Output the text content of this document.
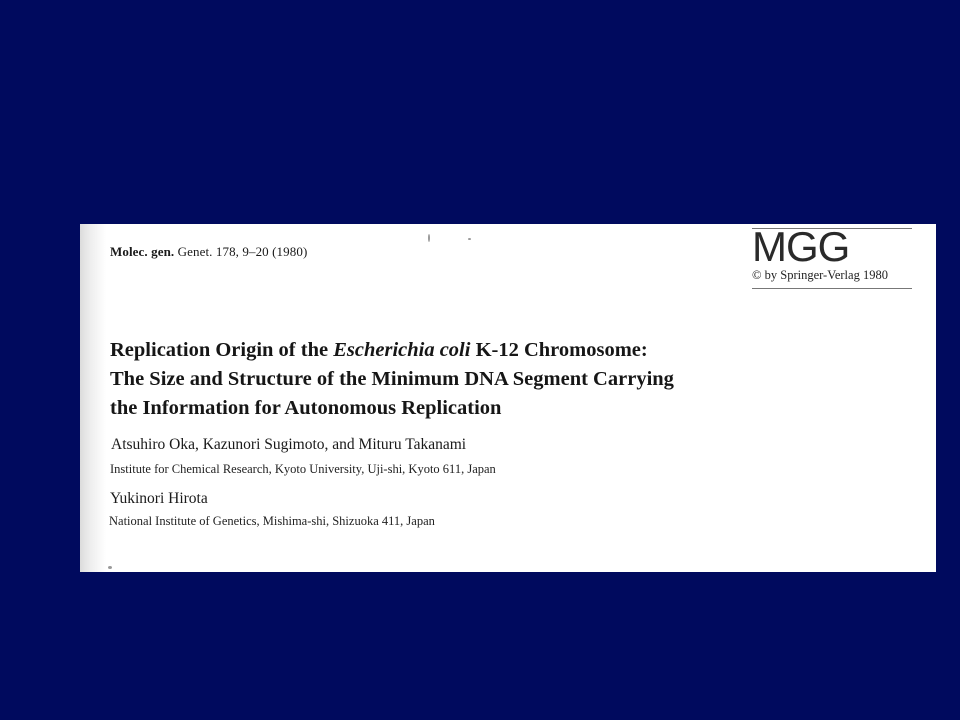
Molec. gen. Genet. 178, 9–20 (1980)	MGG
© by Springer-Verlag 1980
Replication Origin of the Escherichia coli K-12 Chromosome:
The Size and Structure of the Minimum DNA Segment Carrying
the Information for Autonomous Replication
Atsuhiro Oka, Kazunori Sugimoto, and Mituru Takanami
Institute for Chemical Research, Kyoto University, Uji-shi, Kyoto 611, Japan
Yukinori Hirota
National Institute of Genetics, Mishima-shi, Shizuoka 411, Japan
